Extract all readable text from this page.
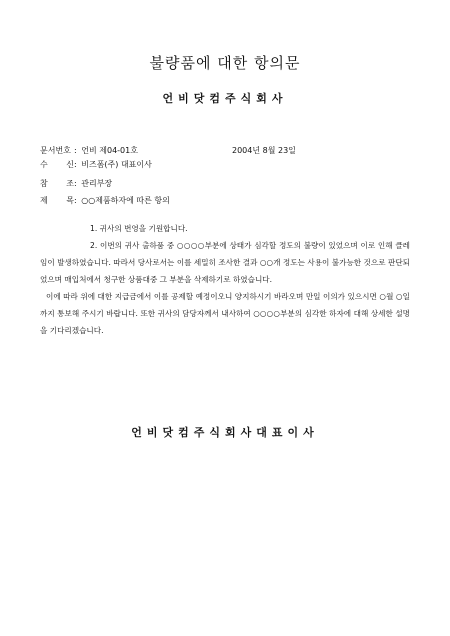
불량품에 대한 항의문
언비닷컴주식회사
문서번호 : 언비 제04-01호	2004년 8월 23일
수 신: 비즈폼(주) 대표이사
참 조: 관리부장
제 목: ○○제품하자에 따른 항의

1. 귀사의 번영을 기원합니다.

2. 이번의 귀사 출하품 중 ○○○○부분에 상태가 심각할 정도의 불량이 있었으며 이로 인해 클레임이 발생하였습니다. 따라서 당사로서는 이를 세밀히 조사한 결과 ○○개 정도는 사용이 불가능한 것으로 판단되었으며 매입처에서 청구한 상품대중 그 부분을 삭제하기로 하였습니다.

이에 따라 위에 대한 지급금에서 이를 공제할 예정이오니 양지하시기 바라오며 만일 이의가 있으시면 ○월 ○일까지 통보해 주시기 바랍니다. 또한 귀사의 담당자께서 내사하여 ○○○○부분의 심각한 하자에 대해 상세한 설명을 기다리겠습니다.

언비닷컴주식회사대표이사
